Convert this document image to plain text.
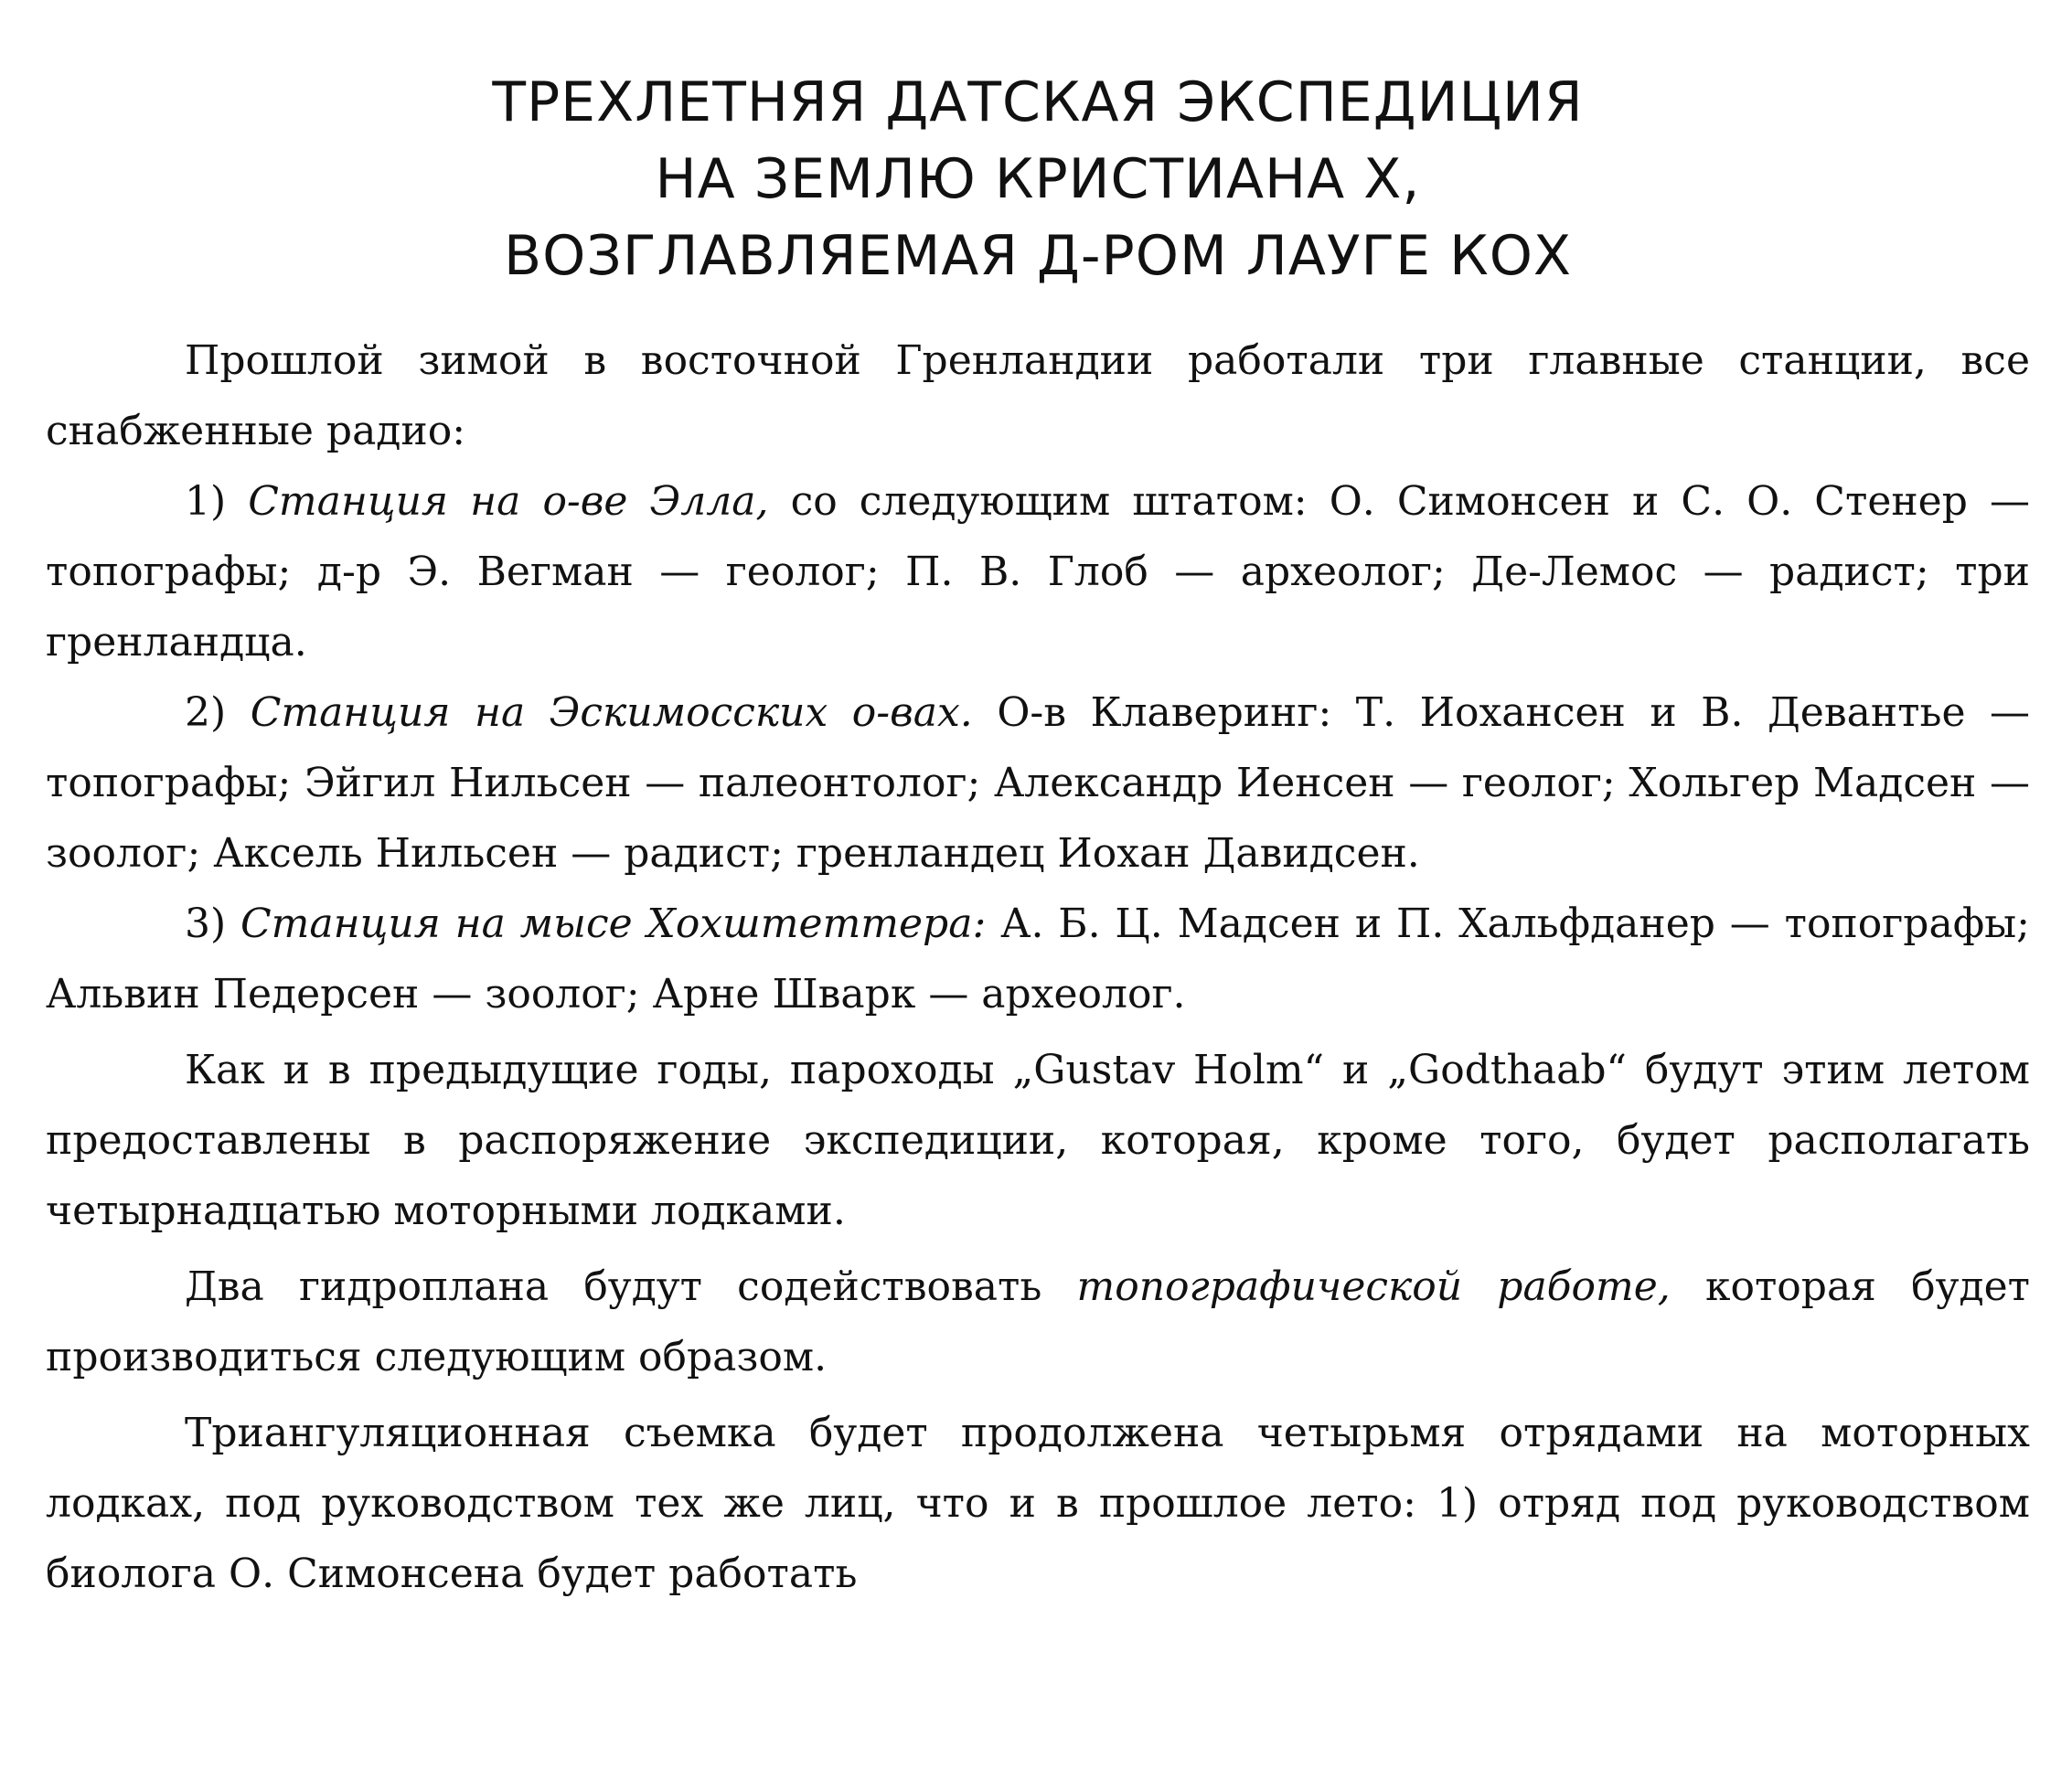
ТРЕХЛЕТНЯЯ ДАТСКАЯ ЭКСПЕДИЦИЯ
НА ЗЕМЛЮ КРИСТИАНА X,
ВОЗГЛАВЛЯЕМАЯ Д-РОМ ЛАУГЕ КОХ

Прошлой зимой в восточной Гренландии работали три главные станции, все снабженные радио:

1) Станция на о-ве Элла, со следующим штатом: О. Симонсен и С. О. Стенер — топографы; д-р Э. Вегман — геолог; П. В. Глоб — археолог; Де-Лемос — радист; три гренландца.

2) Станция на Эскимосских о-вах. О-в Клаверинг: Т. Иохансен и В. Девантье — топографы; Эйгил Нильсен — палеонтолог; Александр Иенсен — геолог; Хольгер Мадсен — зоолог; Аксель Нильсен — радист; гренландец Иохан Давидсен.

3) Станция на мысе Хохштеттера: А. Б. Ц. Мадсен и П. Хальфданер — топографы; Альвин Педерсен — зоолог; Арне Шварк — археолог.

Как и в предыдущие годы, пароходы „Gustav Holm“ и „Godthaab“ будут этим летом предоставлены в распоряжение экспедиции, которая, кроме того, будет располагать четырнадцатью моторными лодками.

Два гидроплана будут содействовать топографической работе, которая будет производиться следующим образом.

Триангуляционная съемка будет продолжена четырьмя отрядами на моторных лодках, под руководством тех же лиц, что и в прошлое лето: 1) отряд под руководством биолога О. Симонсена будет работать
